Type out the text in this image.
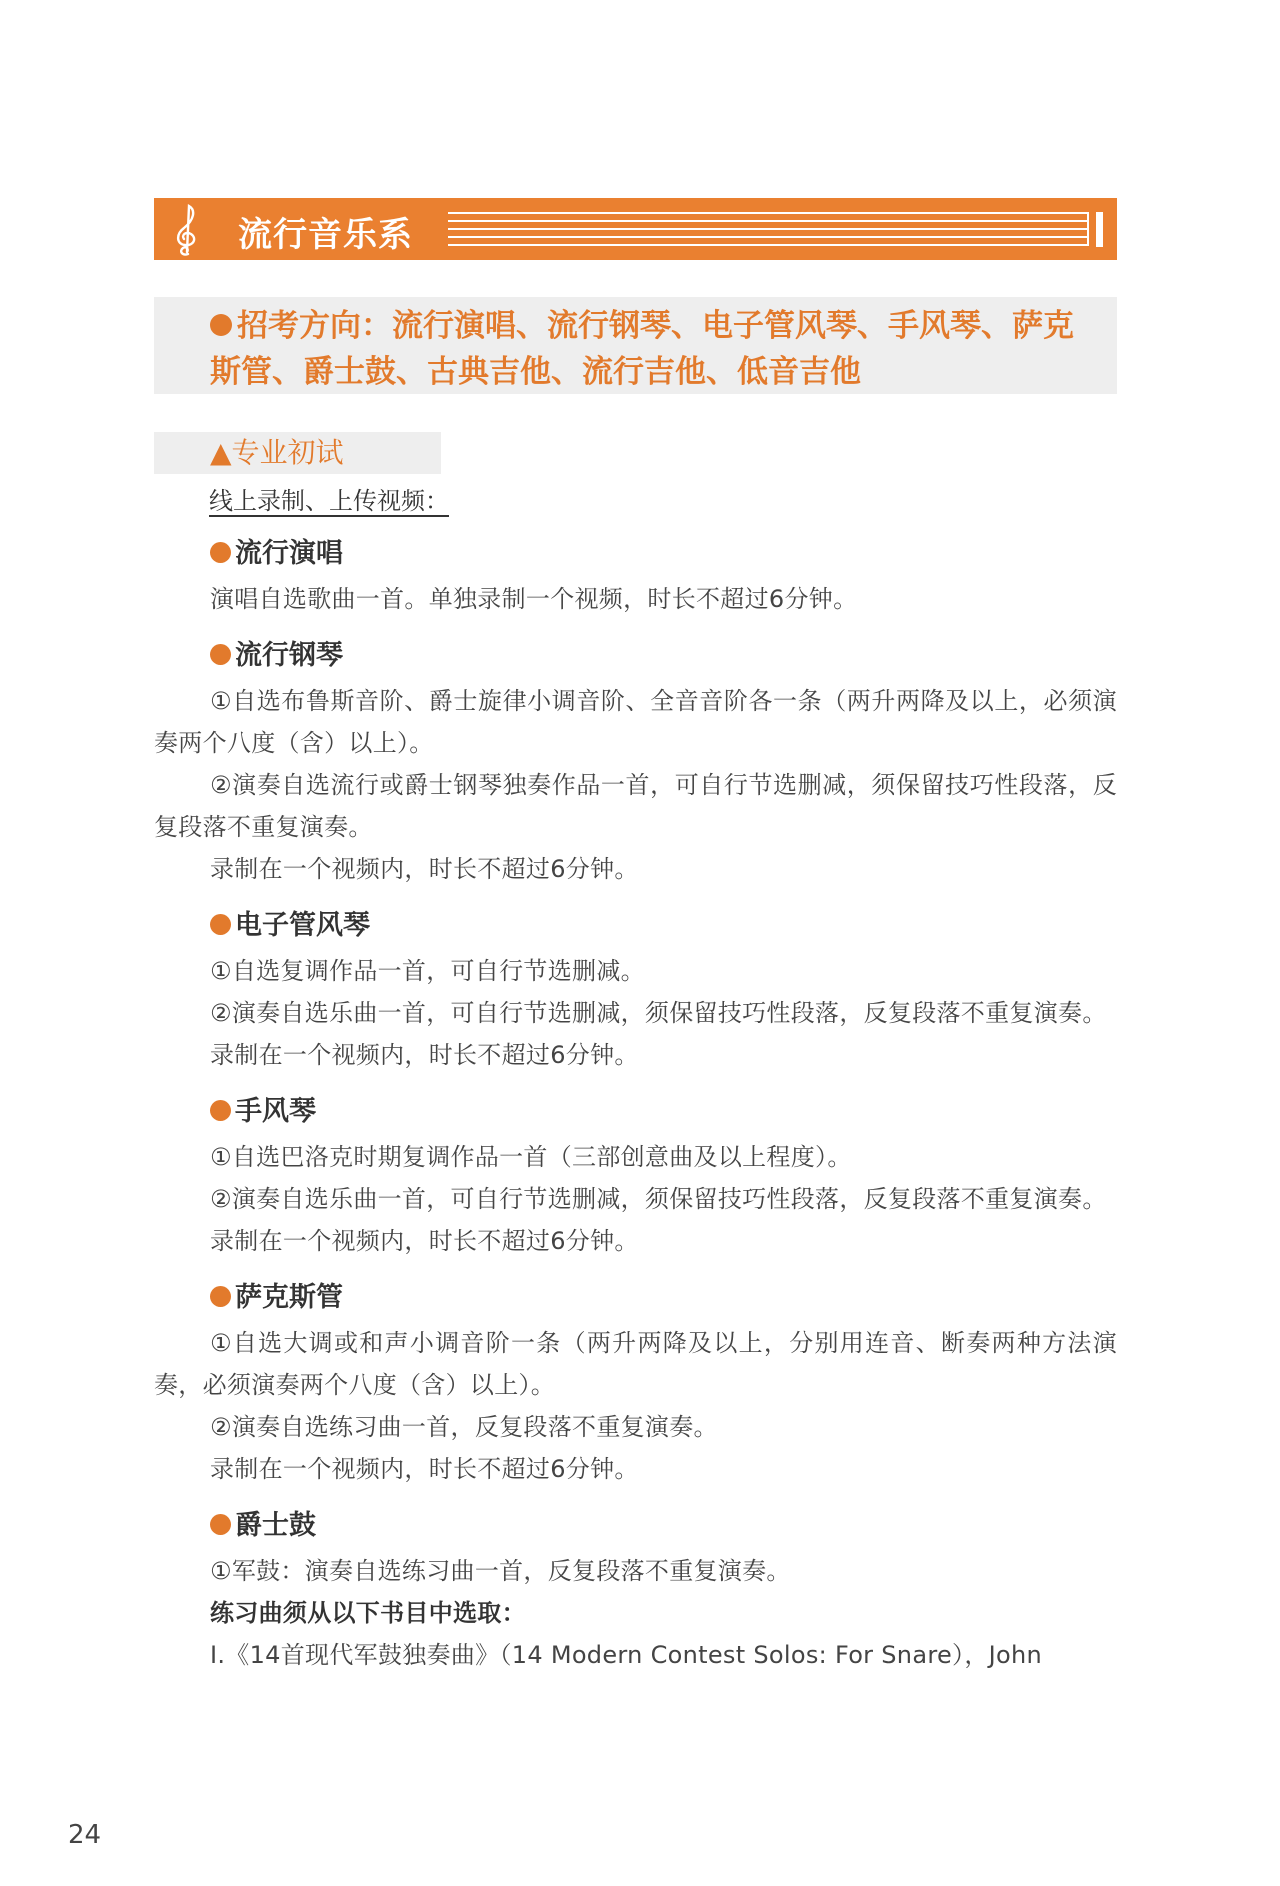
流行音乐系
招考方向：流行演唱、流行钢琴、电子管风琴、手风琴、萨克斯管、爵士鼓、古典吉他、流行吉他、低音吉他
▲专业初试
线上录制、上传视频：
流行演唱
演唱自选歌曲一首。单独录制一个视频，时长不超过6分钟。
流行钢琴
①自选布鲁斯音阶、爵士旋律小调音阶、全音音阶各一条（两升两降及以上，必须演奏两个八度（含）以上）。
②演奏自选流行或爵士钢琴独奏作品一首，可自行节选删减，须保留技巧性段落，反复段落不重复演奏。
录制在一个视频内，时长不超过6分钟。
电子管风琴
①自选复调作品一首，可自行节选删减。
②演奏自选乐曲一首，可自行节选删减，须保留技巧性段落，反复段落不重复演奏。
录制在一个视频内，时长不超过6分钟。
手风琴
①自选巴洛克时期复调作品一首（三部创意曲及以上程度）。
②演奏自选乐曲一首，可自行节选删减，须保留技巧性段落，反复段落不重复演奏。
录制在一个视频内，时长不超过6分钟。
萨克斯管
①自选大调或和声小调音阶一条（两升两降及以上，分别用连音、断奏两种方法演奏，必须演奏两个八度（含）以上）。
②演奏自选练习曲一首，反复段落不重复演奏。
录制在一个视频内，时长不超过6分钟。
爵士鼓
①军鼓：演奏自选练习曲一首，反复段落不重复演奏。
练习曲须从以下书目中选取：
I.《14首现代军鼓独奏曲》（14 Modern Contest Solos: For Snare），John
24
